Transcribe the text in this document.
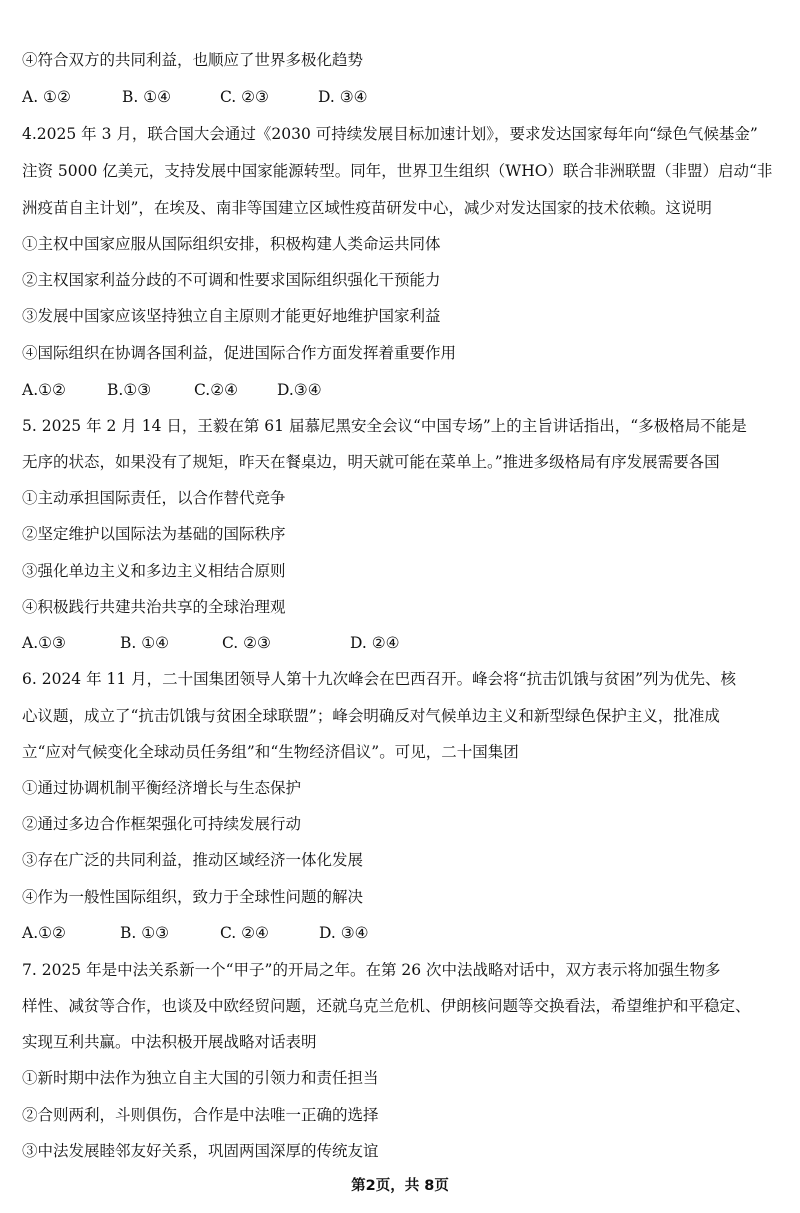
④符合双方的共同利益，也顺应了世界多极化趋势
A. ①②	B. ①④	C. ②③	D. ③④
4.2025 年 3 月，联合国大会通过《2030 可持续发展目标加速计划》，要求发达国家每年向“绿色气候基金”
注资 5000 亿美元，支持发展中国家能源转型。同年，世界卫生组织（WHO）联合非洲联盟（非盟）启动“非
洲疫苗自主计划”，在埃及、南非等国建立区域性疫苗研发中心，减少对发达国家的技术依赖。这说明
①主权中国家应服从国际组织安排，积极构建人类命运共同体
②主权国家利益分歧的不可调和性要求国际组织强化干预能力
③发展中国家应该坚持独立自主原则才能更好地维护国家利益
④国际组织在协调各国利益，促进国际合作方面发挥着重要作用
A.①②	B.①③	C.②④	D.③④
5. 2025 年 2 月 14 日，王毅在第 61 届慕尼黑安全会议“中国专场”上的主旨讲话指出，“多极格局不能是
无序的状态，如果没有了规矩，昨天在餐桌边，明天就可能在菜单上。”推进多级格局有序发展需要各国
①主动承担国际责任，以合作替代竞争
②坚定维护以国际法为基础的国际秩序
③强化单边主义和多边主义相结合原则
④积极践行共建共治共享的全球治理观
A.①③	B. ①④	C. ②③	D. ②④
6. 2024 年 11 月，二十国集团领导人第十九次峰会在巴西召开。峰会将“抗击饥饿与贫困”列为优先、核
心议题，成立了“抗击饥饿与贫困全球联盟”；峰会明确反对气候单边主义和新型绿色保护主义，批准成
立“应对气候变化全球动员任务组”和“生物经济倡议”。可见，二十国集团
①通过协调机制平衡经济增长与生态保护
②通过多边合作框架强化可持续发展行动
③存在广泛的共同利益，推动区域经济一体化发展
④作为一般性国际组织，致力于全球性问题的解决
A.①②	B. ①③	C. ②④	D. ③④
7. 2025 年是中法关系新一个“甲子”的开局之年。在第 26 次中法战略对话中，双方表示将加强生物多
样性、减贫等合作，也谈及中欧经贸问题，还就乌克兰危机、伊朗核问题等交换看法，希望维护和平稳定、
实现互利共赢。中法积极开展战略对话表明
①新时期中法作为独立自主大国的引领力和责任担当
②合则两利，斗则俱伤，合作是中法唯一正确的选择
③中法发展睦邻友好关系，巩固两国深厚的传统友谊
第2页，共 8页
